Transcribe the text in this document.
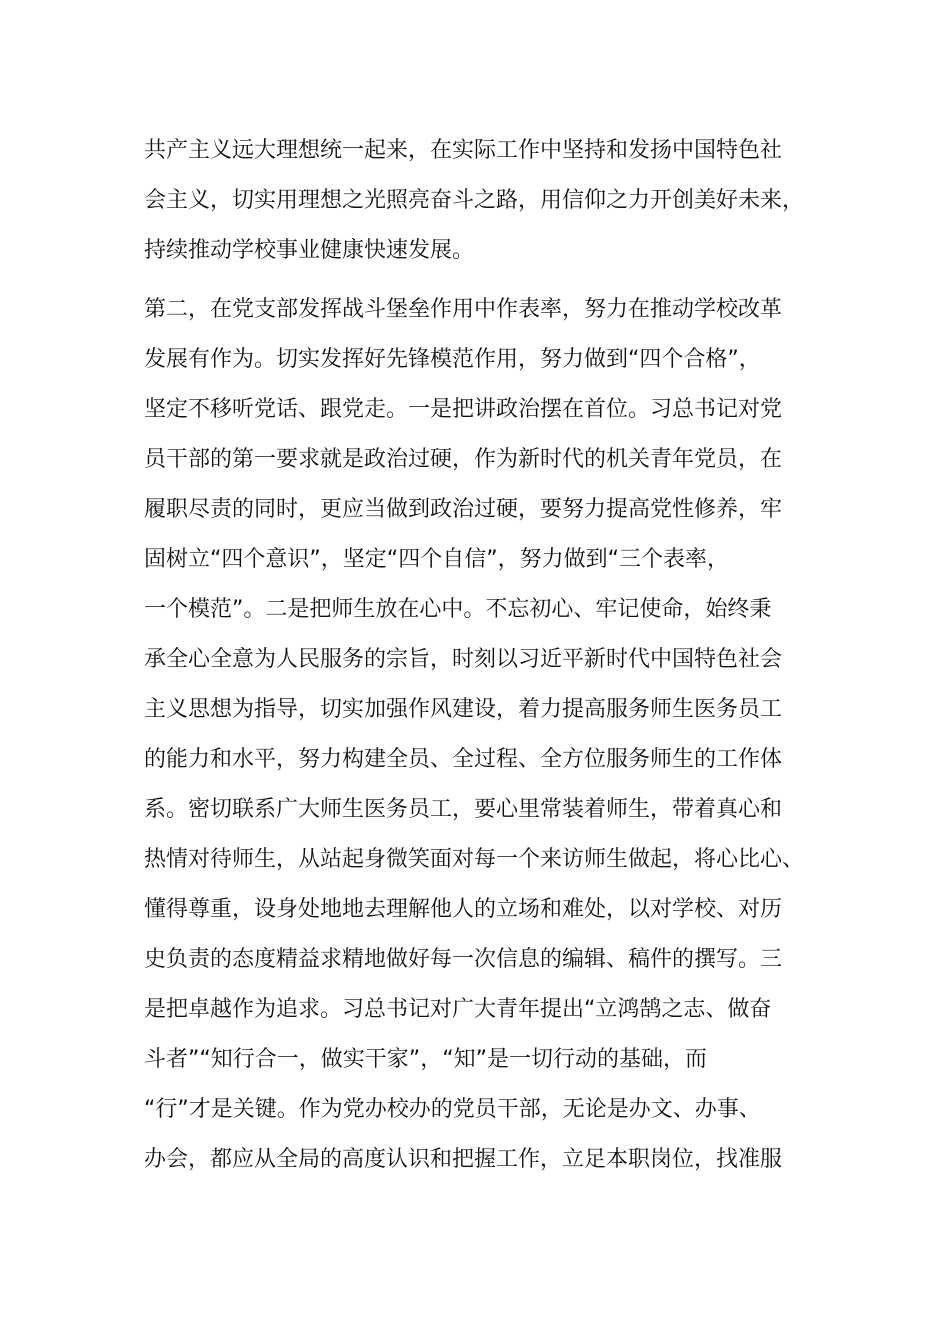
共产主义远大理想统一起来，在实际工作中坚持和发扬中国特色社
会主义，切实用理想之光照亮奋斗之路，用信仰之力开创美好未来，
持续推动学校事业健康快速发展。
第二，在党支部发挥战斗堡垒作用中作表率，努力在推动学校改革
发展有作为。切实发挥好先锋模范作用，努力做到“四个合格”，
坚定不移听党话、跟党走。一是把讲政治摆在首位。习总书记对党
员干部的第一要求就是政治过硬，作为新时代的机关青年党员，在
履职尽责的同时，更应当做到政治过硬，要努力提高党性修养，牢
固树立“四个意识”，坚定“四个自信”，努力做到“三个表率，
一个模范”。二是把师生放在心中。不忘初心、牢记使命，始终秉
承全心全意为人民服务的宗旨，时刻以习近平新时代中国特色社会
主义思想为指导，切实加强作风建设，着力提高服务师生医务员工
的能力和水平，努力构建全员、全过程、全方位服务师生的工作体
系。密切联系广大师生医务员工，要心里常装着师生，带着真心和
热情对待师生，从站起身微笑面对每一个来访师生做起，将心比心、
懂得尊重，设身处地地去理解他人的立场和难处，以对学校、对历
史负责的态度精益求精地做好每一次信息的编辑、稿件的撰写。三
是把卓越作为追求。习总书记对广大青年提出“立鸿鹄之志、做奋
斗者”“知行合一，做实干家”，“知”是一切行动的基础，而
“行”才是关键。作为党办校办的党员干部，无论是办文、办事、
办会，都应从全局的高度认识和把握工作，立足本职岗位，找准服
